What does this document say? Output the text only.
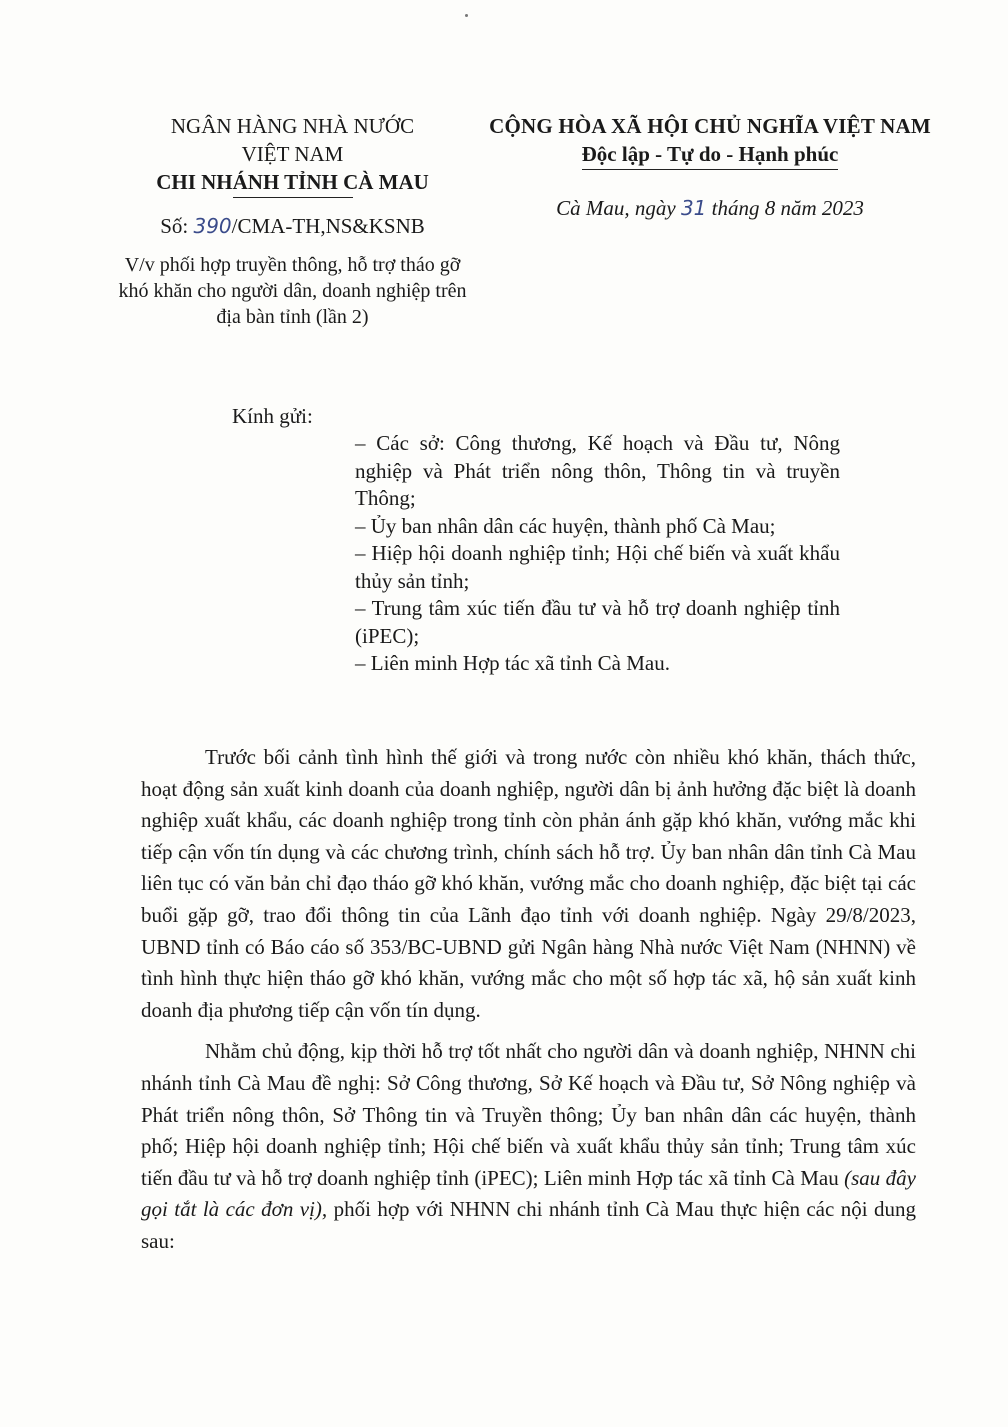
NGÂN HÀNG NHÀ NƯỚC
VIỆT NAM
CHI NHÁNH TỈNH CÀ MAU
Số: 390/CMA-TH,NS&KSNB
V/v phối hợp truyền thông, hỗ trợ tháo gỡ khó khăn cho người dân, doanh nghiệp trên địa bàn tỉnh (lần 2)
CỘNG HÒA XÃ HỘI CHỦ NGHĨA VIỆT NAM
Độc lập - Tự do - Hạnh phúc
Cà Mau, ngày 31 tháng 8 năm 2023
Kính gửi:
– Các sở: Công thương, Kế hoạch và Đầu tư, Nông nghiệp và Phát triển nông thôn, Thông tin và truyền Thông;
– Ủy ban nhân dân các huyện, thành phố Cà Mau;
– Hiệp hội doanh nghiệp tỉnh; Hội chế biến và xuất khẩu thủy sản tỉnh;
– Trung tâm xúc tiến đầu tư và hỗ trợ doanh nghiệp tỉnh (iPEC);
– Liên minh Hợp tác xã tỉnh Cà Mau.

Trước bối cảnh tình hình thế giới và trong nước còn nhiều khó khăn, thách thức, hoạt động sản xuất kinh doanh của doanh nghiệp, người dân bị ảnh hưởng đặc biệt là doanh nghiệp xuất khẩu, các doanh nghiệp trong tỉnh còn phản ánh gặp khó khăn, vướng mắc khi tiếp cận vốn tín dụng và các chương trình, chính sách hỗ trợ. Ủy ban nhân dân tỉnh Cà Mau liên tục có văn bản chỉ đạo tháo gỡ khó khăn, vướng mắc cho doanh nghiệp, đặc biệt tại các buổi gặp gỡ, trao đổi thông tin của Lãnh đạo tỉnh với doanh nghiệp. Ngày 29/8/2023, UBND tỉnh có Báo cáo số 353/BC-UBND gửi Ngân hàng Nhà nước Việt Nam (NHNN) về tình hình thực hiện tháo gỡ khó khăn, vướng mắc cho một số hợp tác xã, hộ sản xuất kinh doanh địa phương tiếp cận vốn tín dụng.

Nhằm chủ động, kịp thời hỗ trợ tốt nhất cho người dân và doanh nghiệp, NHNN chi nhánh tỉnh Cà Mau đề nghị: Sở Công thương, Sở Kế hoạch và Đầu tư, Sở Nông nghiệp và Phát triển nông thôn, Sở Thông tin và Truyền thông; Ủy ban nhân dân các huyện, thành phố; Hiệp hội doanh nghiệp tỉnh; Hội chế biến và xuất khẩu thủy sản tỉnh; Trung tâm xúc tiến đầu tư và hỗ trợ doanh nghiệp tỉnh (iPEC); Liên minh Hợp tác xã tỉnh Cà Mau (sau đây gọi tắt là các đơn vị), phối hợp với NHNN chi nhánh tỉnh Cà Mau thực hiện các nội dung sau:
